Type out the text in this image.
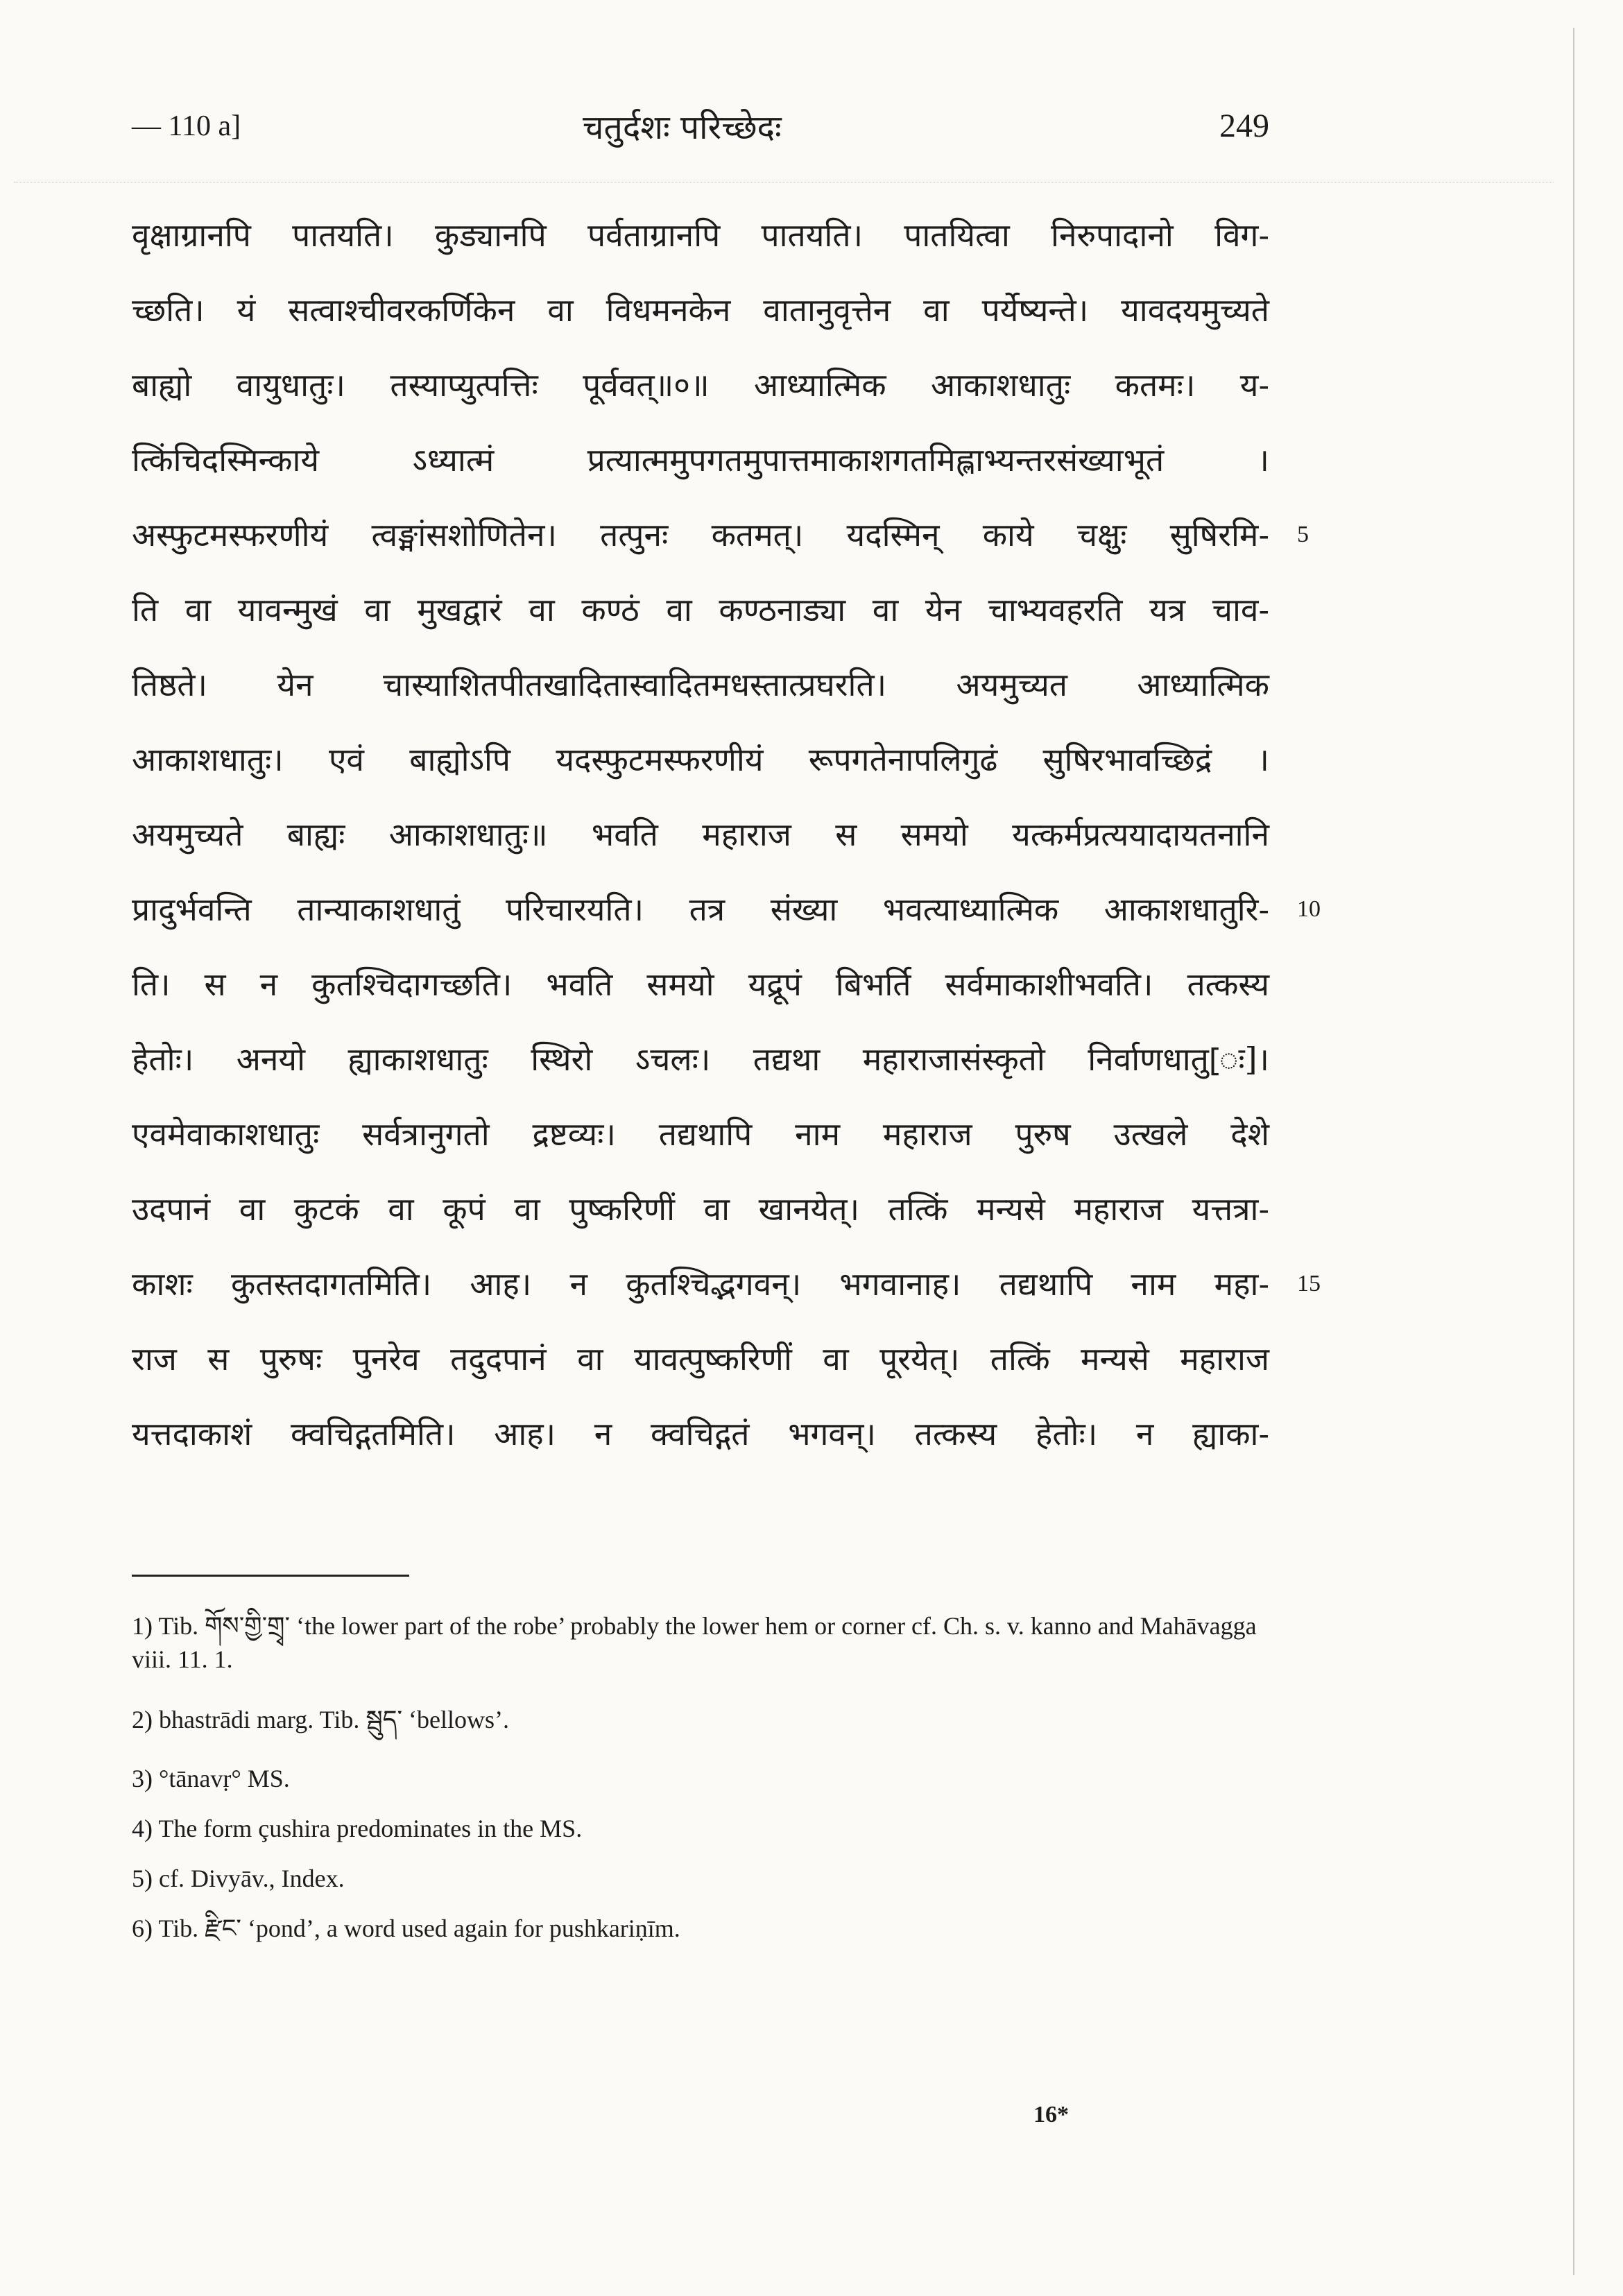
— 110 a]	चतुर्दशः परिच्छेदः	249
वृक्षाग्रानपि पातयति। कुड्यानपि पर्वताग्रानपि पातयति। पातयित्वा निरुपादानो विग-
च्छति। यं सत्वाश्चीवरकर्णिकेन वा विधमनकेन वातानुवृत्तेन वा पर्येष्यन्ते। यावदयमुच्यते
बाह्यो वायुधातुः। तस्याप्युत्पत्तिः पूर्ववत्॥०॥ आध्यात्मिक आकाशधातुः कतमः। य-
त्किंचिदस्मिन्काये ऽध्यात्मं प्रत्यात्ममुपगतमुपात्तमाकाशगतमिह्लाभ्यन्तरसंख्याभूतं ।
अस्फुटमस्फरणीयं त्वङ्मांसशोणितेन। तत्पुनः कतमत्। यदस्मिन् काये चक्षुः सुषिरमि- 5
ति वा यावन्मुखं वा मुखद्वारं वा कण्ठं वा कण्ठनाड्या वा येन चाभ्यवहरति यत्र चाव-
तिष्ठते। येन चास्याशितपीतखादितास्वादितमधस्तात्प्रघरति। अयमुच्यत आध्यात्मिक
आकाशधातुः। एवं बाह्योऽपि यदस्फुटमस्फरणीयं रूपगतेनापलिगुढं सुषिरभावच्छिद्रं ।
अयमुच्यते बाह्यः आकाशधातुः॥ भवति महाराज स समयो यत्कर्मप्रत्ययादायतनानि
प्रादुर्भवन्ति तान्याकाशधातुं परिचारयति। तत्र संख्या भवत्याध्यात्मिक आकाशधातुरि- 10
ति। स न कुतश्चिदागच्छति। भवति समयो यद्रूपं बिभर्ति सर्वमाकाशीभवति। तत्कस्य
हेतोः। अनयो ह्याकाशधातुः स्थिरो ऽचलः। तद्यथा महाराजासंस्कृतो निर्वाणधातु[ः]।
एवमेवाकाशधातुः सर्वत्रानुगतो द्रष्टव्यः। तद्यथापि नाम महाराज पुरुष उत्खले देशे
उदपानं वा कुटकं वा कूपं वा पुष्करिणीं वा खानयेत्। तत्किं मन्यसे महाराज यत्तत्रा-
काशः कुतस्तदागतमिति। आह। न कुतश्चिद्भगवन्। भगवानाह। तद्यथापि नाम महा- 15
राज स पुरुषः पुनरेव तदुदपानं वा यावत्पुष्करिणीं वा पूरयेत्। तत्किं मन्यसे महाराज
यत्तदाकाशं क्वचिद्गतमिति। आह। न क्वचिद्गतं भगवन्। तत्कस्य हेतोः। न ह्याका-
1) Tib. གོས་གྱི་གྲྭ་ ‘the lower part of the robe’ probably the lower hem or corner cf. Ch. s. v. kanno and Mahāvagga viii. 11. 1.
2) bhastrādi marg. Tib. སྦུད་ ‘bellows’.
3) °tānavṛ° MS.
4) The form çushira predominates in the MS.
5) cf. Divyāv., Index.
6) Tib. རྫིང་ ‘pond’, a word used again for pushkariṇīm.
16*
